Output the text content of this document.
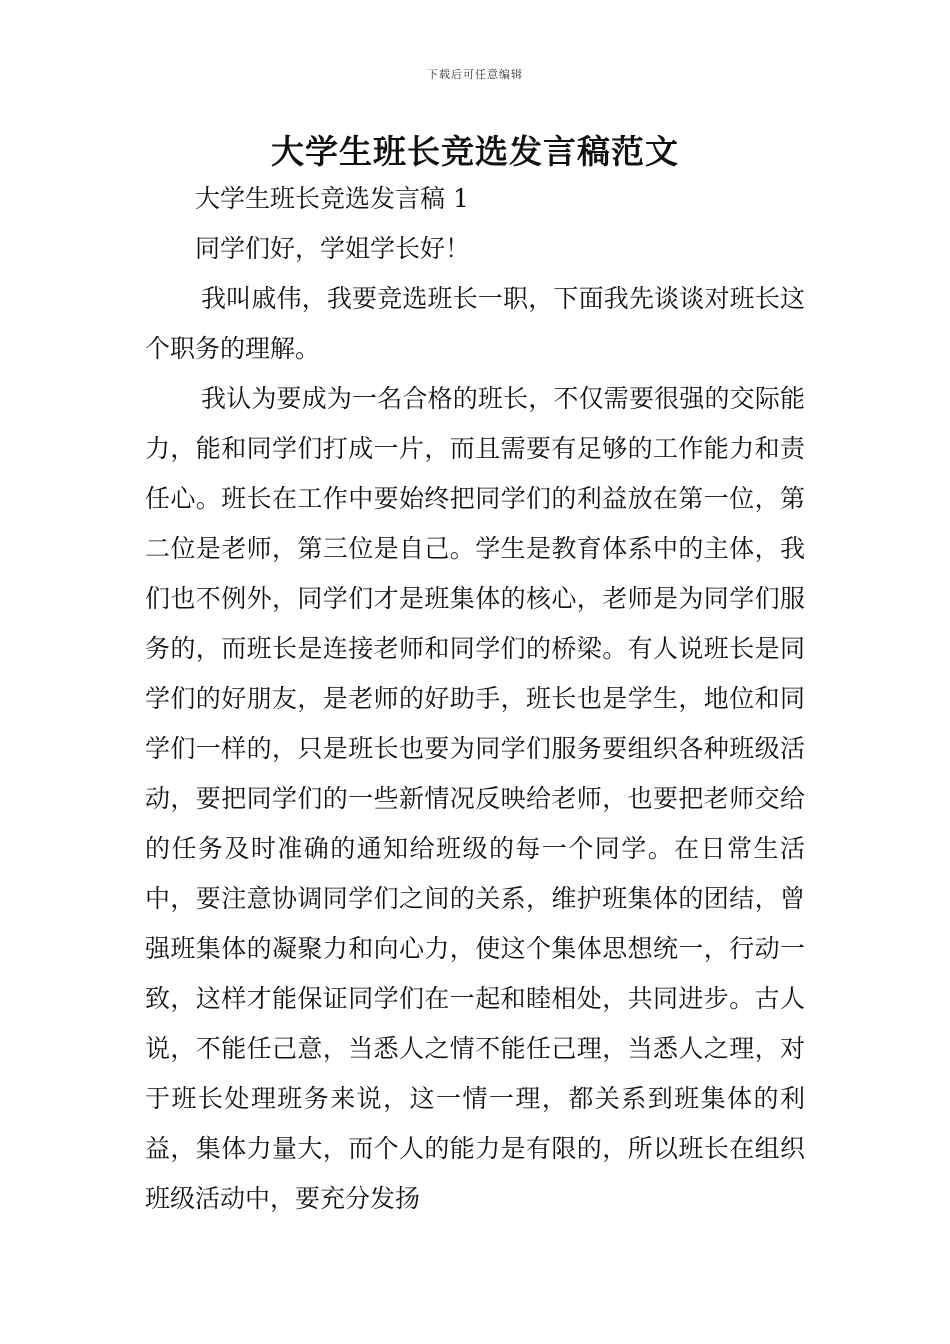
下载后可任意编辑
大学生班长竞选发言稿范文

大学生班长竞选发言稿 1

同学们好，学姐学长好！

我叫戚伟，我要竞选班长一职，下面我先谈谈对班长这个职务的理解。

我认为要成为一名合格的班长，不仅需要很强的交际能力，能和同学们打成一片，而且需要有足够的工作能力和责任心。班长在工作中要始终把同学们的利益放在第一位，第二位是老师，第三位是自己。学生是教育体系中的主体，我们也不例外，同学们才是班集体的核心，老师是为同学们服务的，而班长是连接老师和同学们的桥梁。有人说班长是同学们的好朋友，是老师的好助手，班长也是学生，地位和同学们一样的，只是班长也要为同学们服务要组织各种班级活动，要把同学们的一些新情况反映给老师，也要把老师交给的任务及时准确的通知给班级的每一个同学。在日常生活中，要注意协调同学们之间的关系，维护班集体的团结，曾强班集体的凝聚力和向心力，使这个集体思想统一，行动一致，这样才能保证同学们在一起和睦相处，共同进步。古人说，不能任己意，当悉人之情不能任己理，当悉人之理，对于班长处理班务来说，这一情一理，都关系到班集体的利益，集体力量大，而个人的能力是有限的，所以班长在组织班级活动中，要充分发扬
